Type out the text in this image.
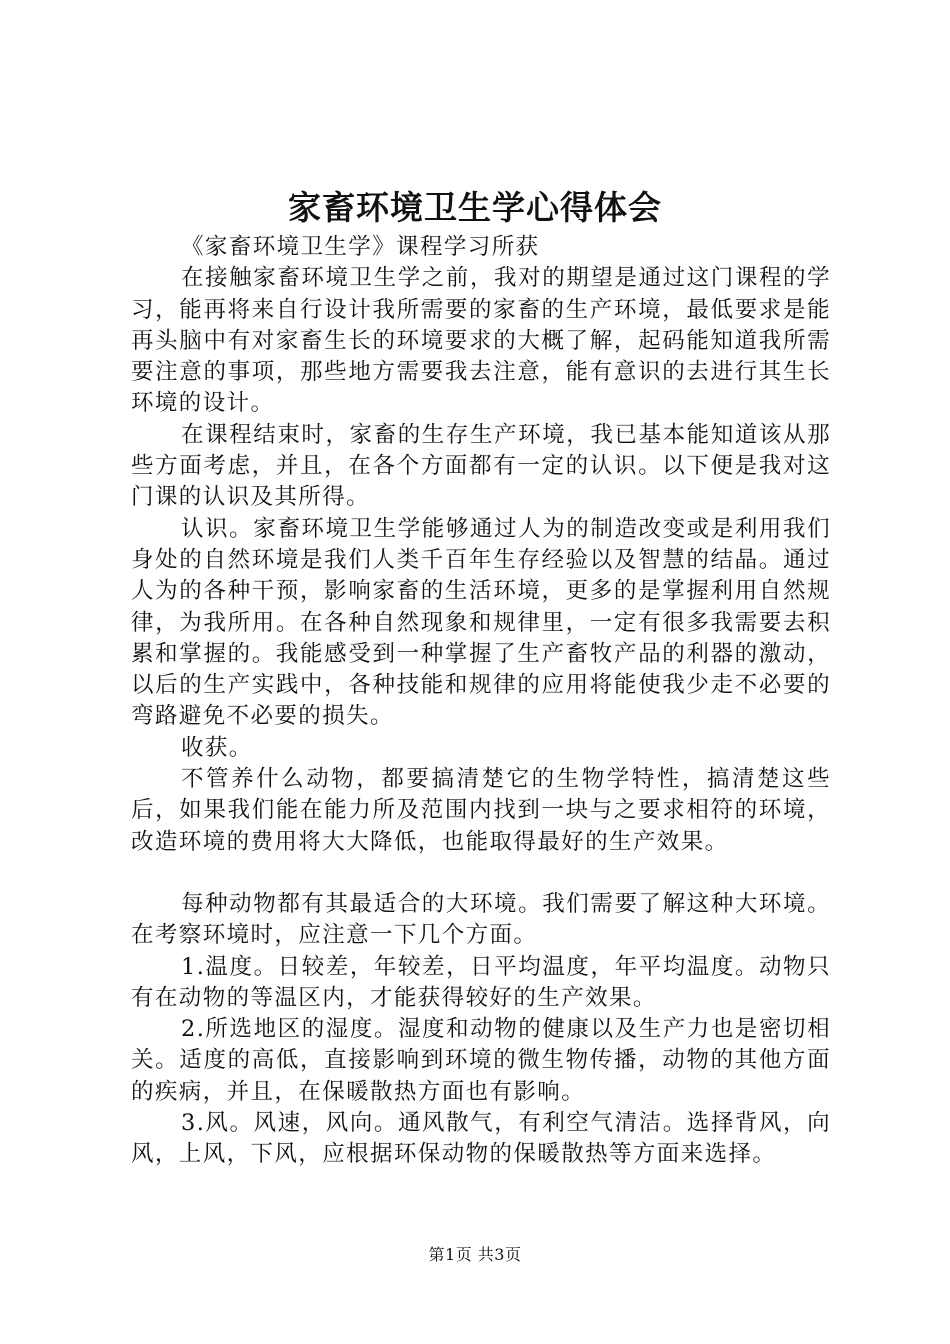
家畜环境卫生学心得体会

《家畜环境卫生学》课程学习所获

在接触家畜环境卫生学之前，我对的期望是通过这门课程的学习，能再将来自行设计我所需要的家畜的生产环境，最低要求是能再头脑中有对家畜生长的环境要求的大概了解，起码能知道我所需要注意的事项，那些地方需要我去注意，能有意识的去进行其生长环境的设计。

在课程结束时，家畜的生存生产环境，我已基本能知道该从那些方面考虑，并且，在各个方面都有一定的认识。以下便是我对这门课的认识及其所得。

认识。家畜环境卫生学能够通过人为的制造改变或是利用我们身处的自然环境是我们人类千百年生存经验以及智慧的结晶。通过人为的各种干预，影响家畜的生活环境，更多的是掌握利用自然规律，为我所用。在各种自然现象和规律里，一定有很多我需要去积累和掌握的。我能感受到一种掌握了生产畜牧产品的利器的激动，以后的生产实践中，各种技能和规律的应用将能使我少走不必要的弯路避免不必要的损失。

收获。

不管养什么动物，都要搞清楚它的生物学特性，搞清楚这些后，如果我们能在能力所及范围内找到一块与之要求相符的环境，改造环境的费用将大大降低，也能取得最好的生产效果。

每种动物都有其最适合的大环境。我们需要了解这种大环境。在考察环境时，应注意一下几个方面。

1.温度。日较差，年较差，日平均温度，年平均温度。动物只有在动物的等温区内，才能获得较好的生产效果。

2.所选地区的湿度。湿度和动物的健康以及生产力也是密切相关。适度的高低，直接影响到环境的微生物传播，动物的其他方面的疾病，并且，在保暖散热方面也有影响。

3.风。风速，风向。通风散气，有利空气清洁。选择背风，向风，上风，下风，应根据环保动物的保暖散热等方面来选择。

第1页 共3页
